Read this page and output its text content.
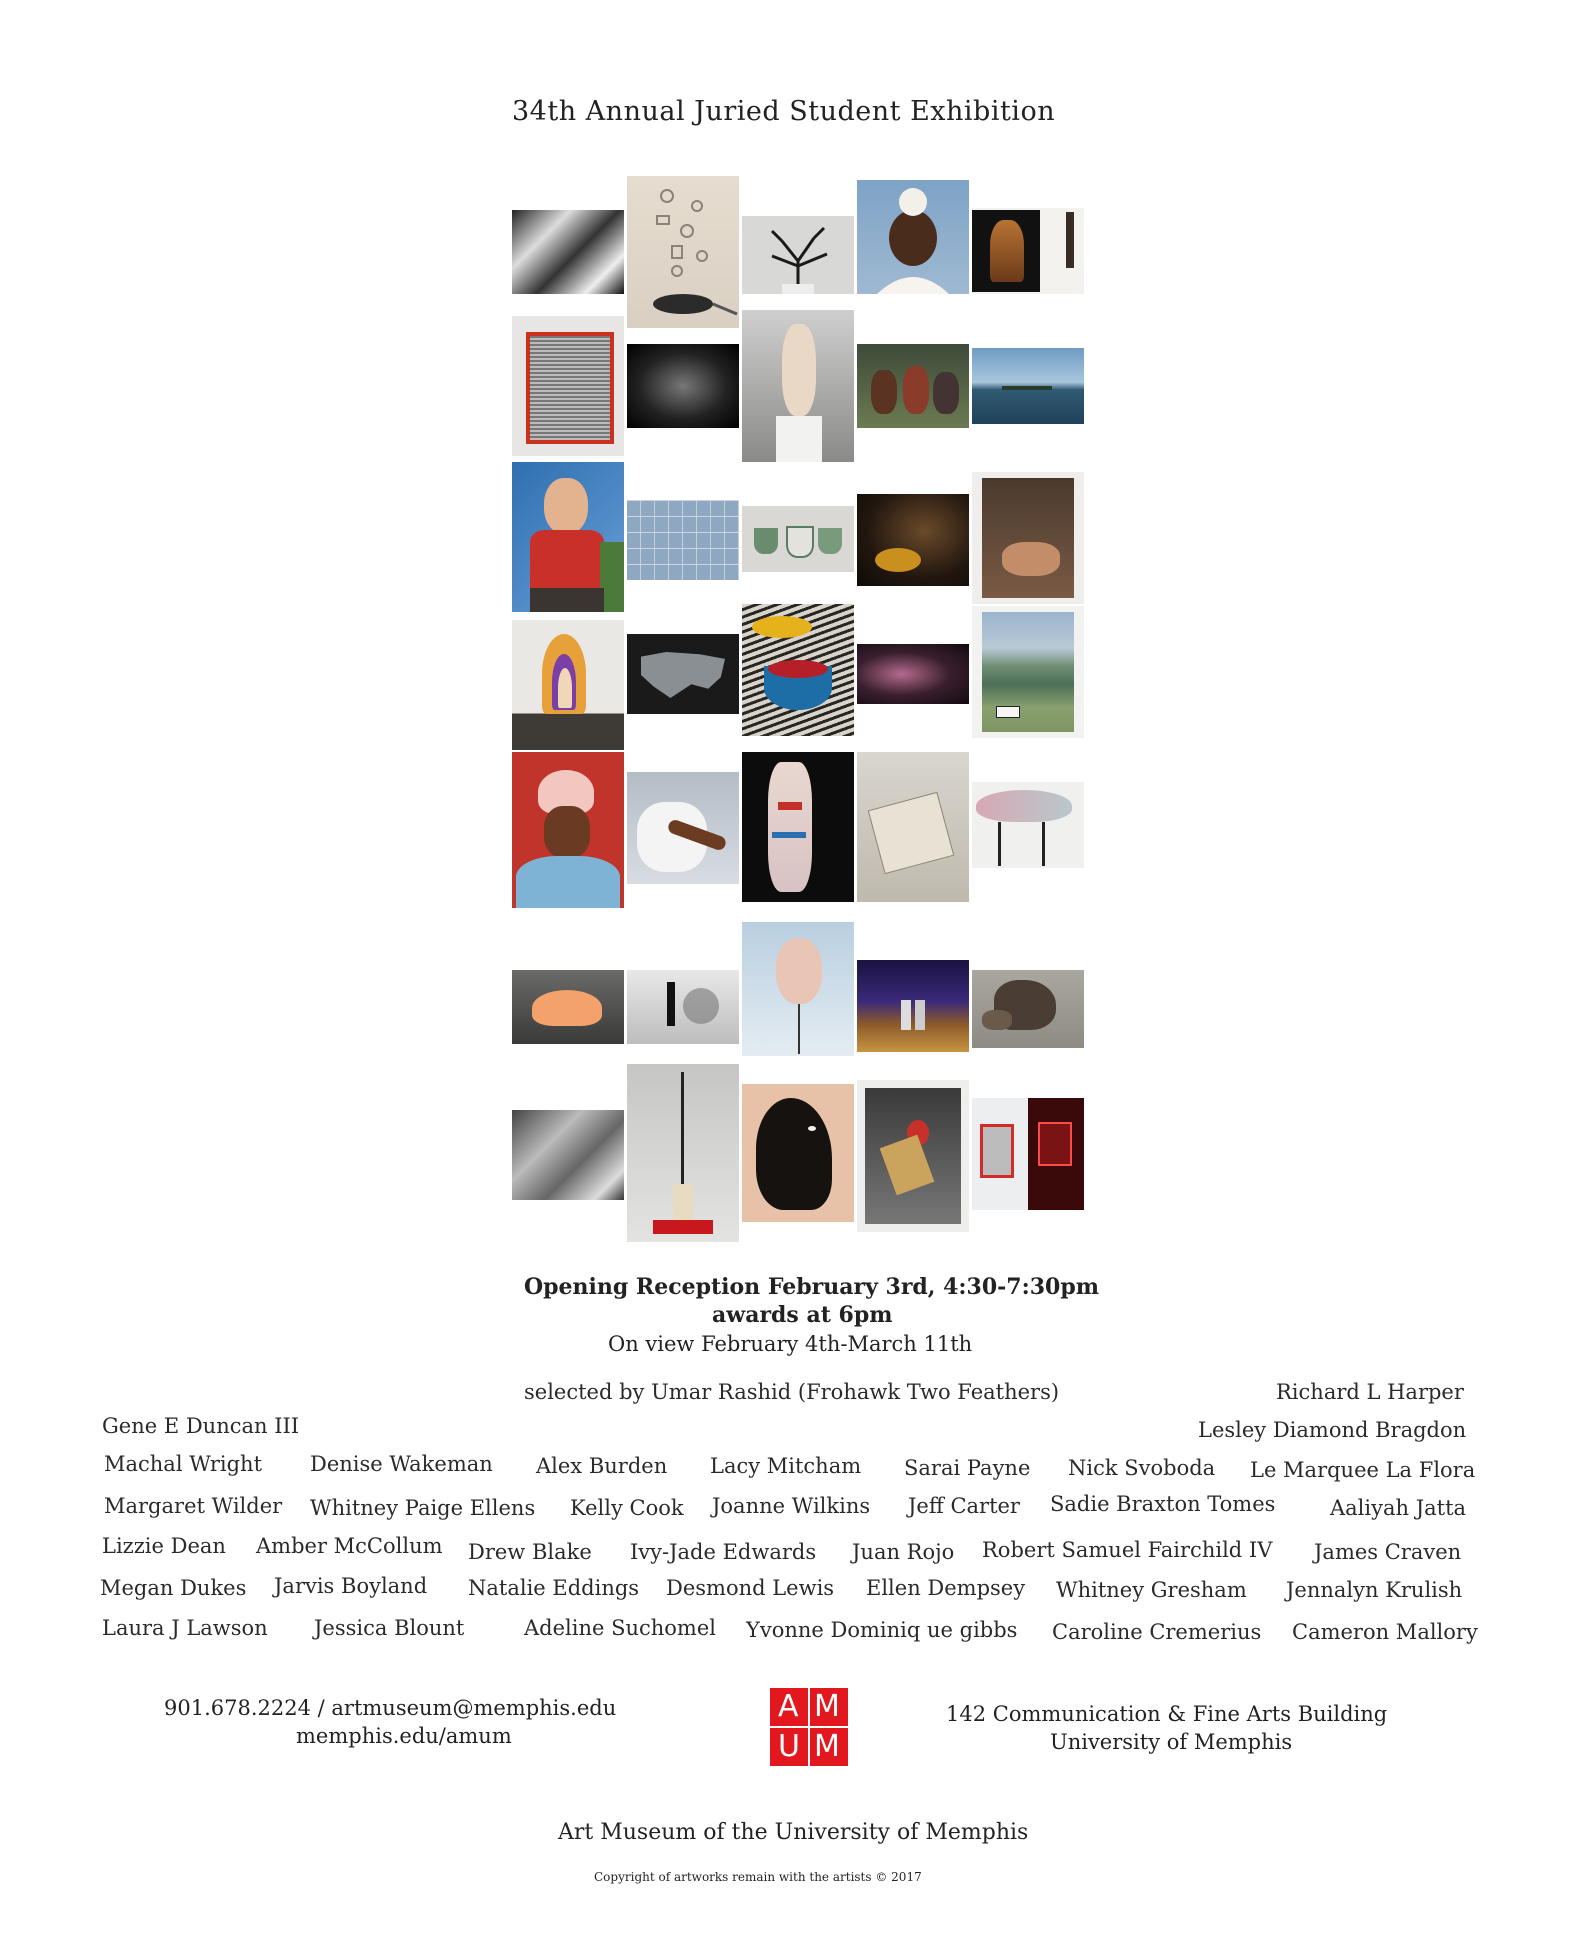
34th Annual Juried Student Exhibition
Opening Reception February 3rd, 4:30-7:30pm
awards at 6pm
On view February 4th-March 11th
selected by Umar Rashid (Frohawk Two Feathers)	Richard L Harper
Gene E Duncan III	Lesley Diamond Bragdon
Machal Wright Denise Wakeman Alex Burden Lacy Mitcham Sarai Payne Nick Svoboda Le Marquee La Flora
Margaret Wilder Whitney Paige Ellens Kelly Cook Joanne Wilkins Jeff Carter Sadie Braxton Tomes	Aaliyah Jatta
Lizzie Dean Amber McCollum Drew Blake Ivy-Jade Edwards Juan Rojo Robert Samuel Fairchild IV James Craven
Megan Dukes Jarvis Boyland Natalie Eddings Desmond Lewis Ellen Dempsey Whitney Gresham Jennalyn Krulish
Laura J Lawson Jessica Blount	Adeline Suchomel Yvonne Dominiq ue gibbs Caroline Cremerius Cameron Mallory
901.678.2224 / artmuseum@memphis.edu
memphis.edu/amum
A M
U M
142 Communication & Fine Arts Building
University of Memphis
Art Museum of the University of Memphis
Copyright of artworks remain with the artists © 2017
